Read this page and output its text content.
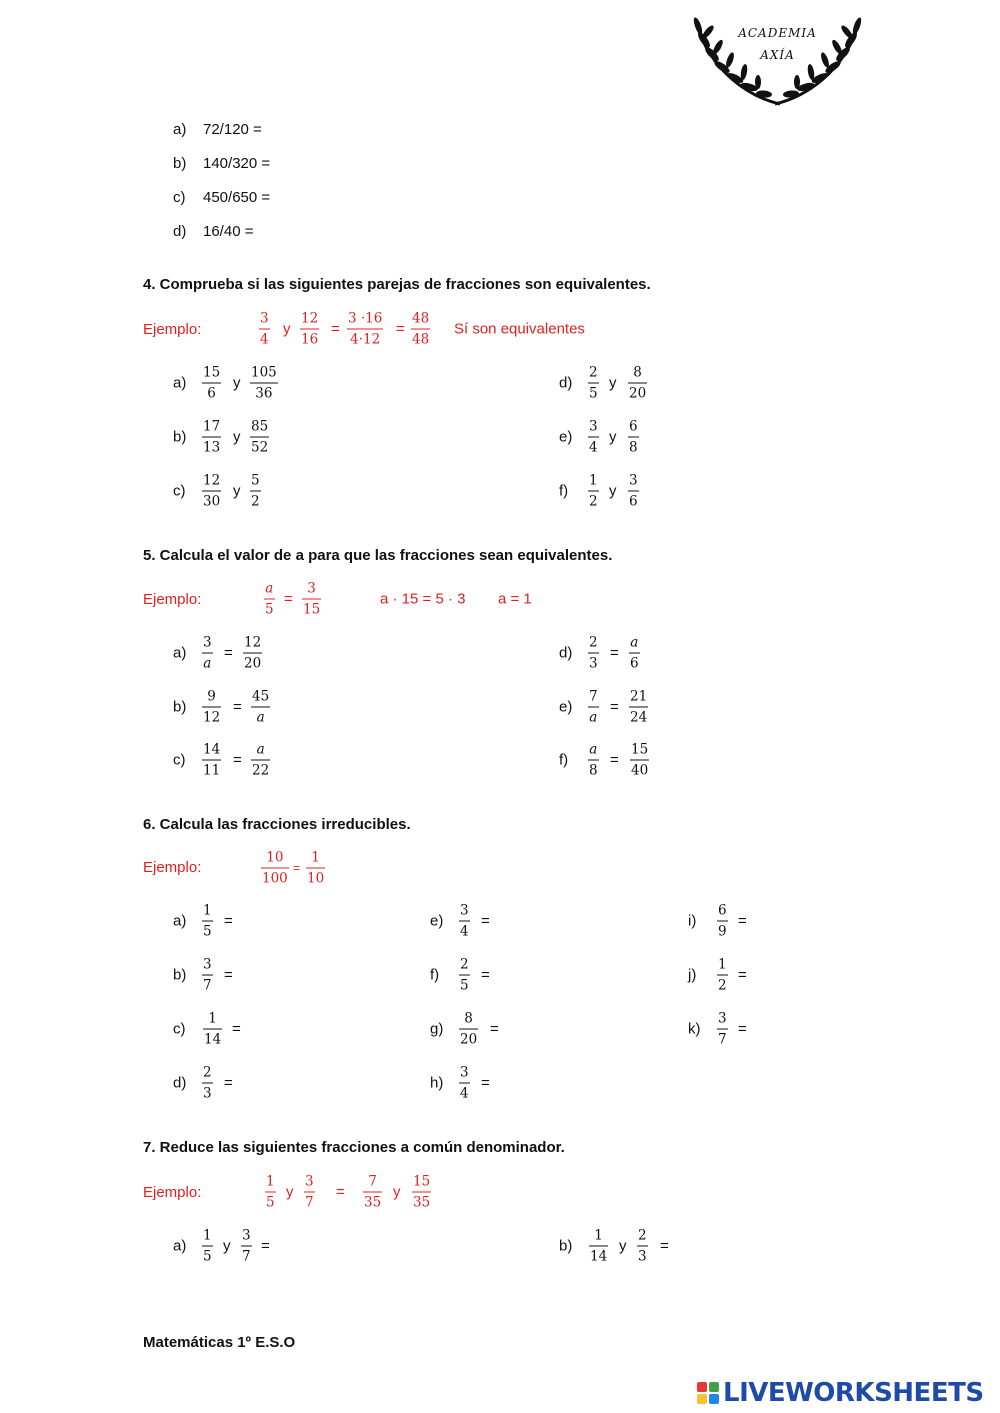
ACADEMIA
AXÍA
a) 72/120 =
b) 140/320 =
c) 450/650 =
d) 16/40 =
4. Comprueba si las siguientes parejas de fracciones son equivalentes.
Ejemplo:	$\frac{3}{4}$ y $\frac{12}{16} = \frac{3 \cdot 16}{4\cdot 12} = \frac{48}{48}$ Sí son equivalentes
$a) \frac{15}{6}$ y $\frac{105}{36}$
$b) \frac{17}{13}$ y $\frac{85}{52}$
$c) \frac{12}{30}$ y $\frac{5}{2}$
$d) \frac{2}{5}$ y $\frac{8}{20}$
$e) \frac{3}{4}$ y $\frac{6}{8}$
$f) \frac{1}{2}$ y $\frac{3}{6}$
5. Calcula el valor de a para que las fracciones sean equivalentes.
Ejemplo:	$\frac{a}{5} = \frac{3}{15}$	a · 15 = 5 · 3 a = 1
$a) \frac{3}{a} = \frac{12}{20}$
$b) \frac{9}{12} = \frac{45}{a}$
$c) \frac{14}{11} = \frac{a}{22}$
$d) \frac{2}{3} = \frac{a}{6}$
$e) \frac{7}{a} = \frac{21}{24}$
$f) \frac{a}{8} = \frac{15}{40}$
6. Calcula las fracciones irreducibles.
Ejemplo:	$\frac{10}{100} = \frac{1}{10}$
$a) \frac{1}{5}$ =
$b) \frac{3}{7}$ =
$c) \frac{1}{14}$ =
$d) \frac{2}{3}$ =
$e) \frac{3}{4}$ =
$f) \frac{2}{5}$ =
$g) \frac{8}{20}$ =
$h) \frac{3}{4}$ =
$i) \frac{6}{9}$ =
$j) \frac{1}{2}$ =
$k) \frac{3}{7}$ =
7. Reduce las siguientes fracciones a común denominador.
Ejemplo:	$\frac{1}{5}$ y $\frac{3}{7} = \frac{7}{35}$ y $\frac{15}{35}$
$a) \frac{1}{5}$ y $\frac{3}{7}$ =	$b) \frac{1}{14}$ y $\frac{2}{3}$ =
Matemáticas 1º E.S.O
LIVEWORKSHEETS
